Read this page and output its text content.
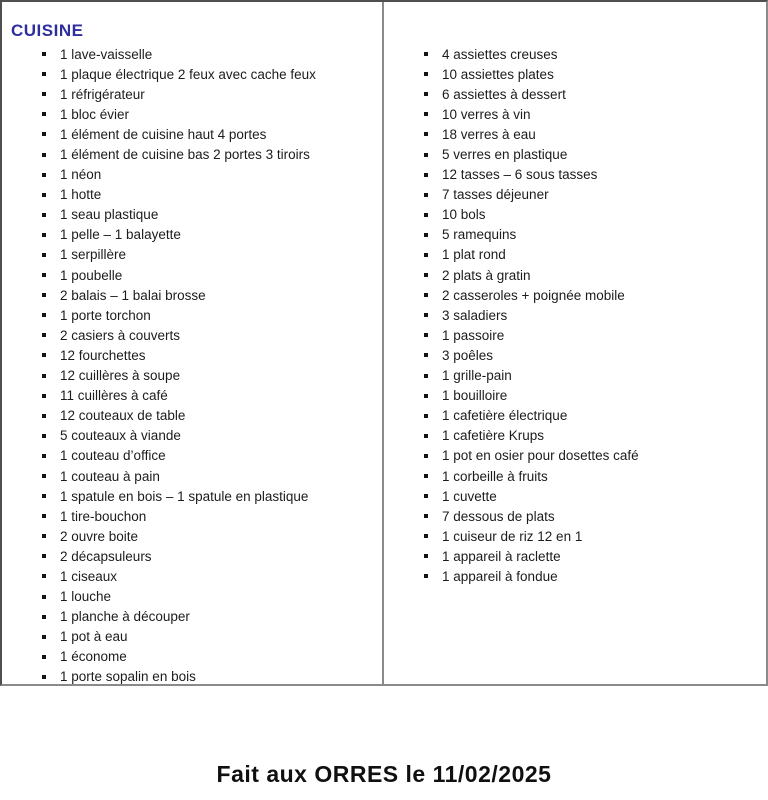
CUISINE
1 lave-vaisselle
1 plaque électrique 2 feux avec cache feux
1 réfrigérateur
1 bloc évier
1 élément de cuisine haut 4 portes
1 élément de cuisine bas 2 portes 3 tiroirs
1 néon
1 hotte
1 seau plastique
1 pelle – 1 balayette
1 serpillère
1 poubelle
2 balais – 1 balai brosse
1 porte torchon
2 casiers à couverts
12 fourchettes
12 cuillères à soupe
11 cuillères à café
12 couteaux de table
5 couteaux à viande
1 couteau d’office
1 couteau à pain
1 spatule en bois – 1 spatule en plastique
1 tire-bouchon
2 ouvre boite
2 décapsuleurs
1 ciseaux
1 louche
1 planche à découper
1 pot à eau
1 économe
1 porte sopalin en bois
4 assiettes creuses
10 assiettes plates
6 assiettes à dessert
10 verres à vin
18 verres à eau
5 verres en plastique
12 tasses – 6 sous tasses
7 tasses déjeuner
10 bols
5 ramequins
1 plat rond
2 plats à gratin
2 casseroles + poignée mobile
3 saladiers
1 passoire
3 poêles
1 grille-pain
1 bouilloire
1 cafetière électrique
1 cafetière Krups
1 pot en osier pour dosettes café
1 corbeille à fruits
1 cuvette
7 dessous de plats
1 cuiseur de riz 12 en 1
1 appareil à raclette
1 appareil à fondue
Fait aux ORRES le 11/02/2025
